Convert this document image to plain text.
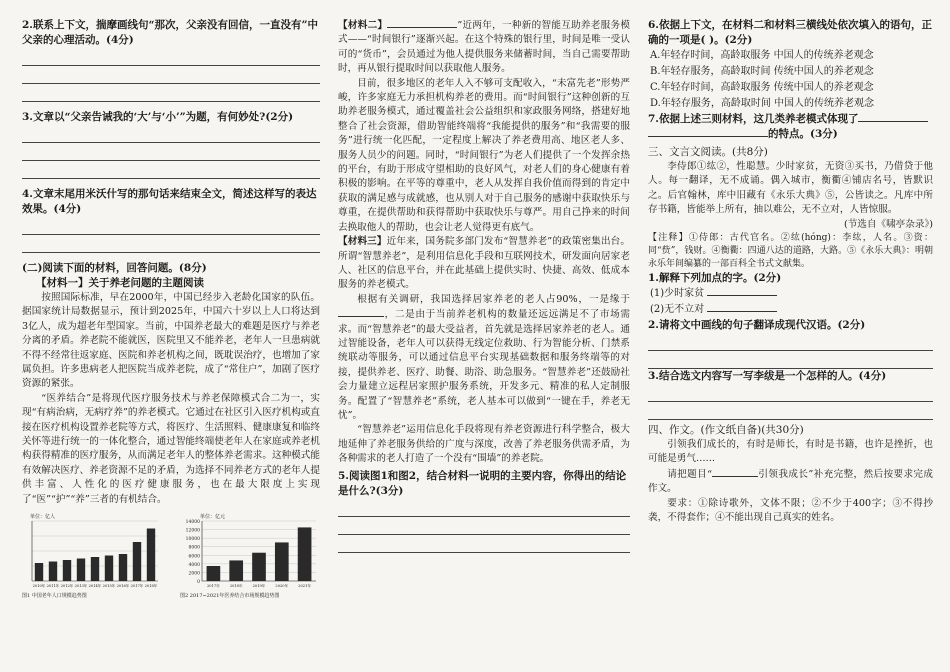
2.联系上下文，揣摩画线句“那次，父亲没有回信，一直没有”中父亲的心理活动。(4分)
3.文章以“父亲告诫我的‘大’与‘小’”为题，有何妙处?(2分)
4.文章末尾用米沃什写的那句话来结束全文，简述这样写的表达效果。(4分)
(二)阅读下面的材料，回答问题。(8分)
【材料一】关于养老问题的主题阅读
按照国际标准，早在2000年，中国已经步入老龄化国家的队伍。据国家统计局数据显示，预计到2025年，中国六十岁以上人口将达到3亿人，成为超老年型国家。当前，中国养老最大的难题是医疗与养老分离的矛盾。养老院不能就医，医院里又不能养老，老年人一旦患病就不得不经常往返家庭、医院和养老机构之间，既耽误治疗，也增加了家属负担。许多患病老人把医院当成养老院，成了“常住户”，加剧了医疗资源的紧张。
“医养结合”是将现代医疗服务技术与养老保障模式合二为一，实现“有病治病，无病疗养”的养老模式。它通过在社区引入医疗机构或直接在医疗机构设置养老院等方式，将医疗、生活照料、健康康复和临终关怀等进行统一的一体化整合，通过智能终端使老年人在家庭或养老机构获得精准的医疗服务，从而满足老年人的整体养老需求。这种模式能有效解决医疗、养老资源不足的矛盾，为选择不同养老方式的老年人提供丰富、人性化的医疗健康服务，也在最大限度上实现了“医”“护”“养”三者的有机结合。
单位：亿人
2010年 2011年 2012年 2013年 2014年 2015年 2016年 2017年 2018年
图1 中国老年人口规模趋势图
单位：亿元
0
2000
4000
6000
8000
10000
12000
14000
2017年	2018年	2019年	2020年	2021年
图2 2017~2021年医养结合市场规模趋势图
【材料二】	”近两年，一种新的智能互助养老服务模式——“时间银行”逐渐兴起。在这个特殊的银行里，时间是唯一受认可的“货币”，会员通过为他人提供服务来储蓄时间，当自己需要帮助时，再从银行提取时间以获取他人服务。
目前，很多地区的老年人入不够可支配收入，“未富先老”形势严峻，许多家庭无力承担机构养老的费用。而“时间银行”这种创新的互助养老服务模式，通过覆盖社会公益组织和家政服务网络，搭建好地整合了社会资源，借助智能终端将“我能提供的服务”和“我需要的服务”进行统一化匹配，一定程度上解决了养老费用高、地区老人多、服务人员少的问题。同时，“时间银行”为老人们提供了一个发挥余热的平台，有助于形成守望相助的良好风气，对老人们的身心健康有着积极的影响。在平等的尊重中，老人从发挥自我价值而得到的肯定中获取的满足感与成就感，也从别人对于自己服务的感谢中获取快乐与尊重，在提供帮助和获得帮助中获取快乐与尊严。用自己挣来的时间去换取他人的帮助，也会让老人觉得更有底气。
【材料三】近年来，国务院多部门发布“智慧养老”的政策密集出台。所谓“智慧养老”，是利用信息化手段和互联网技术，研发面向居家老人、社区的信息平台，并在此基础上提供实时、快捷、高效、低成本服务的养老模式。
根据有关调研，我国选择居家养老的老人占90%，一是缘于，二是由于当前养老机构的数量还远远满足不了市场需求。而“智慧养老”的最大受益者，首先就是选择居家养老的老人。通过智能设备，老年人可以获得无线定位救助、行为智能分析、门禁系统联动等服务，可以通过信息平台实现基础数据和服务终端等的对接，提供养老、医疗、助餐、助浴、助急服务。“智慧养老”还鼓励社会力量建立远程居家照护服务系统，开发多元、精准的私人定制服务。配置了“智慧养老”系统，老人基本可以做到“一键在手，养老无忧”。
“智慧养老”运用信息化手段将现有养老资源进行科学整合，极大地延伸了养老服务供给的广度与深度，改善了养老服务供需矛盾，为各种需求的老人打造了一个没有“围墙”的养老院。
5.阅读图1和图2，结合材料一说明的主要内容，你得出的结论是什么?(3分)
6.依据上下文，在材料二和材料三横线处依次填入的语句，正确的一项是( )。(2分)
A.年轻存时间，高龄取服务 中国人的传统养老观念
B.年轻存服务，高龄取时间 传统中国人的养老观念
C.年轻存时间，高龄取服务 传统中国人的养老观念
D.年轻存服务，高龄取时间 中国人的传统养老观念
7.依据上述三则材料，这几类养老模式体现了
的特点。(3分)
三、文言文阅读。(共8分)
李侍郎①纮②，性聪慧。少时家贫，无资③买书，乃借贷于他人。每一翻译，无不成诵。偶入城市，衡衢④铺店名号，皆默识之。后官翰林，库中旧藏有《永乐大典》⑤，公皆读之。凡库中所存书籍，皆能举上所有，抽以难公，无不立对，人皆惊服。
(节选自《啸亭杂录》)
【注释】①侍郎：古代官名。②纮(hóng)：李纮，人名。③资：同“赀”，钱财。④衡衢：四通八达的道路，大路。⑤《永乐大典》：明朝永乐年间编纂的一部百科全书式文献集。
1.解释下列加点的字。(2分)
(1)少时家贫
(2)无不立对
2.请将文中画线的句子翻译成现代汉语。(2分)
3.结合选文内容写一写李绂是一个怎样的人。(4分)
四、作文。(作文纸自备)(共30分)
引领我们成长的，有时是师长，有时是书籍，也许是挫折，也可能是勇气……
请把题目“	引领我成长”补充完整，然后按要求完成作文。
要求：①除诗歌外，文体不限；②不少于400字；③不得抄袭，不得套作；④不能出现自己真实的姓名。
